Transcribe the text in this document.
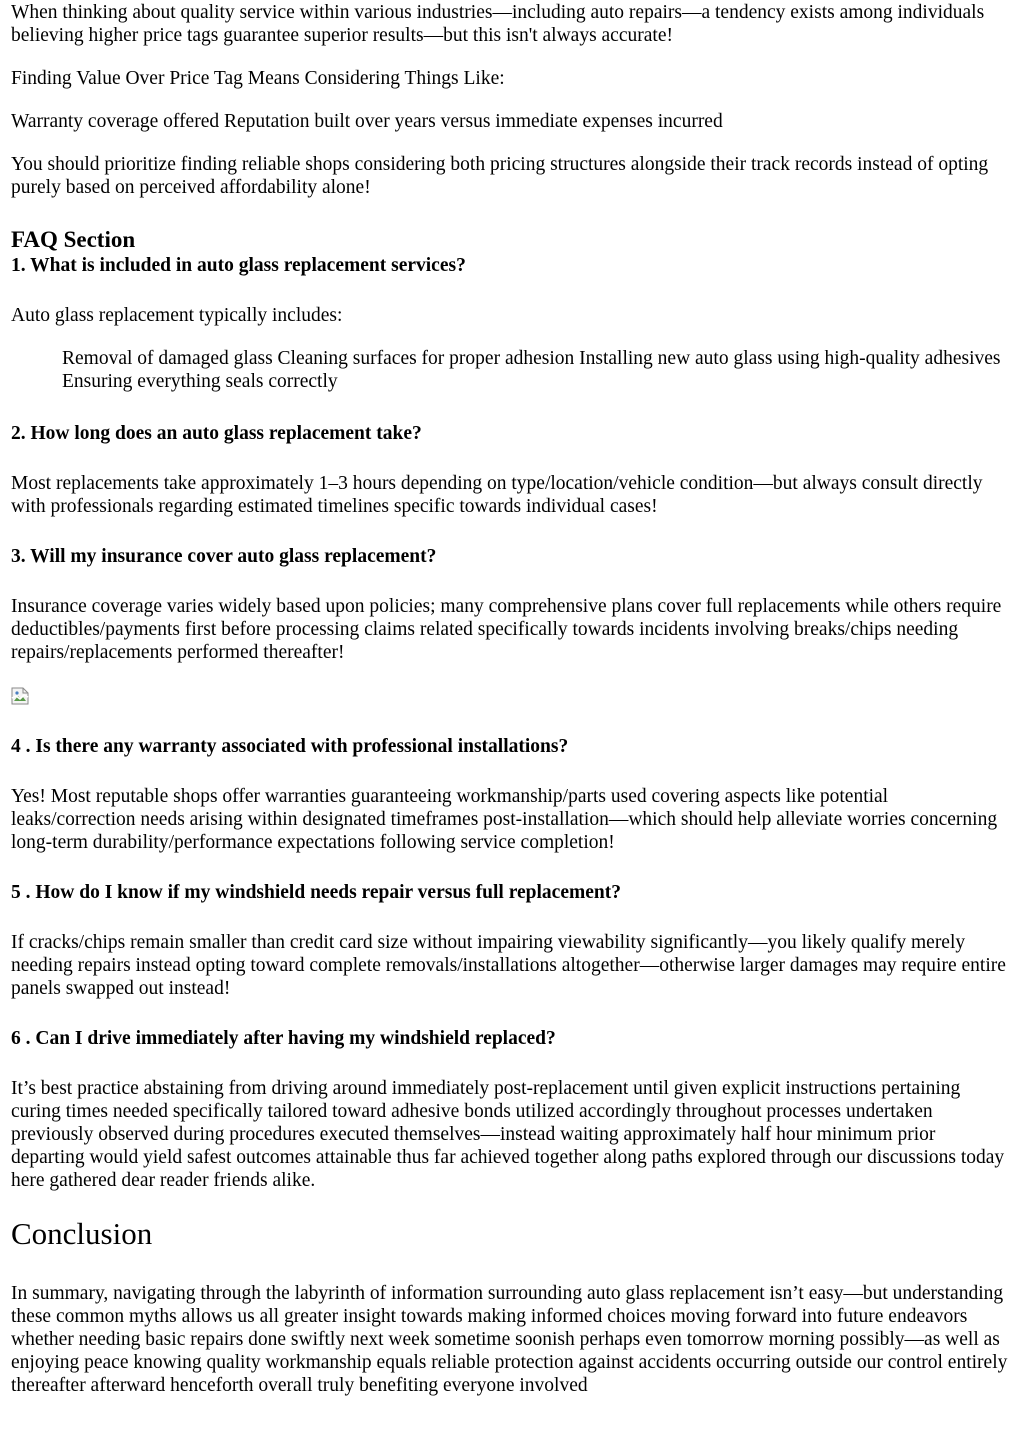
When thinking about quality service within various industries—including auto repairs—a tendency exists among individuals believing higher price tags guarantee superior results—but this isn't always accurate!

Finding Value Over Price Tag Means Considering Things Like:

Warranty coverage offered Reputation built over years versus immediate expenses incurred

You should prioritize finding reliable shops considering both pricing structures alongside their track records instead of opting purely based on perceived affordability alone!

FAQ Section
1. What is included in auto glass replacement services?

Auto glass replacement typically includes:

Removal of damaged glass Cleaning surfaces for proper adhesion Installing new auto glass using high-quality adhesives Ensuring everything seals correctly

2. How long does an auto glass replacement take?

Most replacements take approximately 1–3 hours depending on type/location/vehicle condition—but always consult directly with professionals regarding estimated timelines specific towards individual cases!

3. Will my insurance cover auto glass replacement?

Insurance coverage varies widely based upon policies; many comprehensive plans cover full replacements while others require deductibles/payments first before processing claims related specifically towards incidents involving breaks/chips needing repairs/replacements performed thereafter!

4 . Is there any warranty associated with professional installations?

Yes! Most reputable shops offer warranties guaranteeing workmanship/parts used covering aspects like potential leaks/correction needs arising within designated timeframes post-installation—which should help alleviate worries concerning long-term durability/performance expectations following service completion!

5 . How do I know if my windshield needs repair versus full replacement?

If cracks/chips remain smaller than credit card size without impairing viewability significantly—you likely qualify merely needing repairs instead opting toward complete removals/installations altogether—otherwise larger damages may require entire panels swapped out instead!

6 . Can I drive immediately after having my windshield replaced?

It’s best practice abstaining from driving around immediately post-replacement until given explicit instructions pertaining curing times needed specifically tailored toward adhesive bonds utilized accordingly throughout processes undertaken previously observed during procedures executed themselves—instead waiting approximately half hour minimum prior departing would yield safest outcomes attainable thus far achieved together along paths explored through our discussions today here gathered dear reader friends alike.

Conclusion

In summary, navigating through the labyrinth of information surrounding auto glass replacement isn’t easy—but understanding these common myths allows us all greater insight towards making informed choices moving forward into future endeavors whether needing basic repairs done swiftly next week sometime soonish perhaps even tomorrow morning possibly—as well as enjoying peace knowing quality workmanship equals reliable protection against accidents occurring outside our control entirely thereafter afterward henceforth overall truly benefiting everyone involved
